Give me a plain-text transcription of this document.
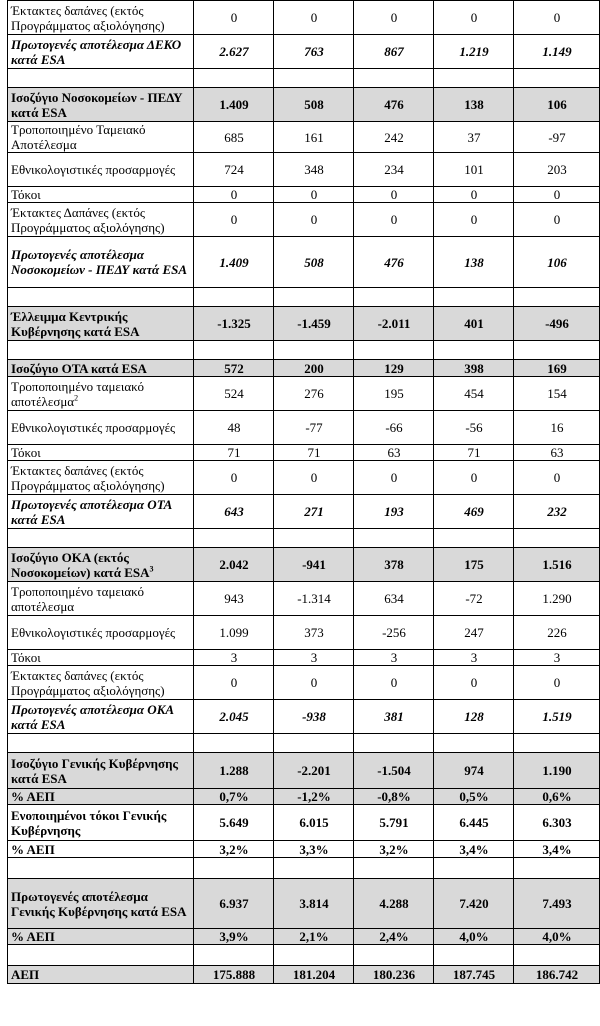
Έκτακτες δαπάνες (εκτός Προγράμματος αξιολόγησης)	0	0	0	0	0
Πρωτογενές αποτέλεσμα ΔΕΚΟ κατά ESA	2.627	763	867	1.219	1.149

Ισοζύγιο Νοσοκομείων - ΠΕΔΥ κατά ESA	1.409	508	476	138	106
Τροποποιημένο Ταμειακό Αποτέλεσμα	685	161	242	37	-97
Εθνικολογιστικές προσαρμογές	724	348	234	101	203
Τόκοι	0	0	0	0	0
Έκτακτες Δαπάνες (εκτός Προγράμματος αξιολόγησης)	0	0	0	0	0
Πρωτογενές αποτέλεσμα Νοσοκομείων - ΠΕΔΥ κατά ESA	1.409	508	476	138	106

Έλλειμμα Κεντρικής Κυβέρνησης κατά ESA	-1.325	-1.459	-2.011	401	-496

Ισοζύγιο ΟΤΑ κατά ESA	572	200	129	398	169
Τροποποιημένο ταμειακό αποτέλεσμα$^2$	524	276	195	454	154
Εθνικολογιστικές προσαρμογές	48	-77	-66	-56	16
Τόκοι	71	71	63	71	63
Έκτακτες δαπάνες (εκτός Προγράμματος αξιολόγησης)	0	0	0	0	0
Πρωτογενές αποτέλεσμα ΟΤΑ κατά ESA	643	271	193	469	232

Ισοζύγιο ΟΚΑ (εκτός Νοσοκομείων) κατά ESA$^3$	2.042	-941	378	175	1.516
Τροποποιημένο ταμειακό αποτέλεσμα	943	-1.314	634	-72	1.290
Εθνικολογιστικές προσαρμογές	1.099	373	-256	247	226
Τόκοι	3	3	3	3	3
Έκτακτες δαπάνες (εκτός Προγράμματος αξιολόγησης)	0	0	0	0	0
Πρωτογενές αποτέλεσμα ΟΚΑ κατά ESA	2.045	-938	381	128	1.519

Ισοζύγιο Γενικής Κυβέρνησης κατά ESA	1.288	-2.201	-1.504	974	1.190
% ΑΕΠ	0,7%	-1,2%	-0,8%	0,5%	0,6%
Ενοποιημένοι τόκοι Γενικής Κυβέρνησης	5.649	6.015	5.791	6.445	6.303
% ΑΕΠ	3,2%	3,3%	3,2%	3,4%	3,4%

Πρωτογενές αποτέλεσμα Γενικής Κυβέρνησης κατά ESA	6.937	3.814	4.288	7.420	7.493
% ΑΕΠ	3,9%	2,1%	2,4%	4,0%	4,0%

ΑΕΠ	175.888	181.204	180.236	187.745	186.742
